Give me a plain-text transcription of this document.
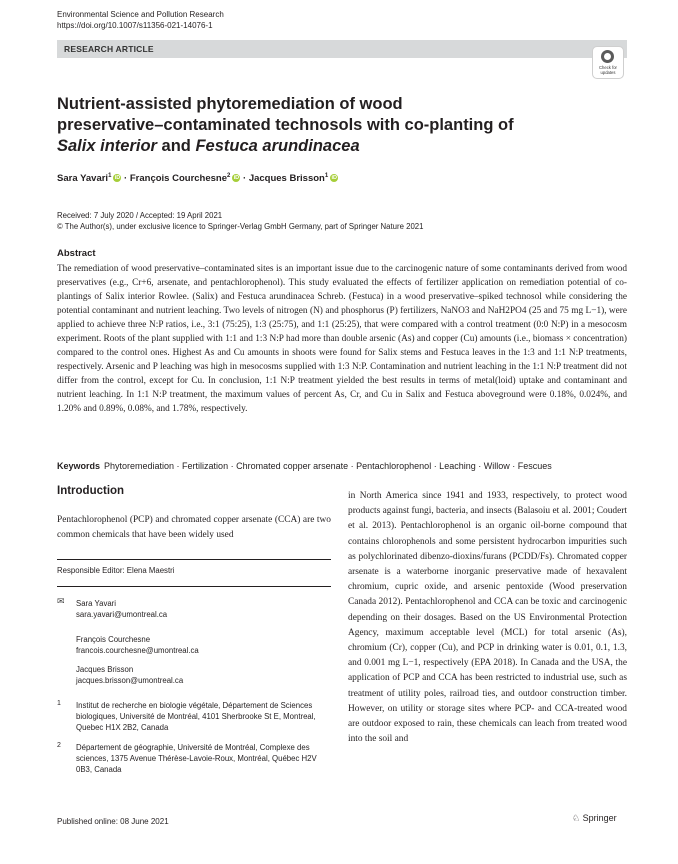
Environmental Science and Pollution Research
https://doi.org/10.1007/s11356-021-14076-1
RESEARCH ARTICLE
Check for
updates
Nutrient-assisted phytoremediation of wood
preservative–contaminated technosols with co-planting of
Salix interior and Festuca arundinacea
Sara Yavari$^1$ iD · François Courchesne$^2$ iD · Jacques Brisson$^1$ iD
Received: 7 July 2020 / Accepted: 19 April 2021
© The Author(s), under exclusive licence to Springer-Verlag GmbH Germany, part of Springer Nature 2021
Abstract
The remediation of wood preservative–contaminated sites is an important issue due to the carcinogenic nature of some contaminants derived from wood preservatives (e.g., Cr+6, arsenate, and pentachlorophenol). This study evaluated the effects of fertilizer application on remediation potential of co-plantings of Salix interior Rowlee. (Salix) and Festuca arundinacea Schreb. (Festuca) in a wood preservative–spiked technosol while considering the potential contaminant and nutrient leaching. Two levels of nitrogen (N) and phosphorus (P) fertilizers, NaNO3 and NaH2PO4 (25 and 75 mg L−1), were applied to achieve three N:P ratios, i.e., 3:1 (75:25), 1:3 (25:75), and 1:1 (25:25), that were compared with a control treatment (0:0 N:P) in a mesocosm experiment. Roots of the plant supplied with 1:1 and 1:3 N:P had more than double arsenic (As) and copper (Cu) amounts (i.e., biomass × concentration) compared to the control ones. Highest As and Cu amounts in shoots were found for Salix stems and Festuca leaves in the 1:3 and 1:1 N:P treatments, respectively. Arsenic and P leaching was high in mesocosms supplied with 1:3 N:P. Contamination and nutrient leaching in the 1:1 N:P treatment did not differ from the control, except for Cu. In conclusion, 1:1 N:P treatment yielded the best results in terms of metal(loid) uptake and contaminant and nutrient leaching. In 1:1 N:P treatment, the maximum values of percent As, Cr, and Cu in Salix and Festuca aboveground were 0.18%, 0.024%, and 1.20% and 0.89%, 0.08%, and 1.78%, respectively.
Keywords Phytoremediation · Fertilization · Chromated copper arsenate · Pentachlorophenol · Leaching · Willow · Fescues
Introduction
Pentachlorophenol (PCP) and chromated copper arsenate (CCA) are two common chemicals that have been widely used
Responsible Editor: Elena Maestri
✉ Sara Yavari
sara.yavari@umontreal.ca
François Courchesne
francois.courchesne@umontreal.ca
Jacques Brisson
jacques.brisson@umontreal.ca
1 Institut de recherche en biologie végétale, Département de Sciences biologiques, Université de Montréal, 4101 Sherbrooke St E, Montreal, Quebec H1X 2B2, Canada
2 Département de géographie, Université de Montréal, Complexe des sciences, 1375 Avenue Thérèse-Lavoie-Roux, Montréal, Québec H2V 0B3, Canada
in North America since 1941 and 1933, respectively, to protect wood products against fungi, bacteria, and insects (Balasoiu et al. 2001; Coudert et al. 2013). Pentachlorophenol is an organic oil-borne compound that contains chlorophenols and some persistent hydrocarbon impurities such as polychlorinated dibenzo-dioxins/furans (PCDD/Fs). Chromated copper arsenate is a waterborne inorganic preservative made of hexavalent chromium, cupric oxide, and arsenic pentoxide (Wood preservation Canada 2012). Pentachlorophenol and CCA can be toxic and carcinogenic depending on their dosages. Based on the US Environmental Protection Agency, maximum acceptable level (MCL) for total arsenic (As), chromium (Cr), copper (Cu), and PCP in drinking water is 0.01, 0.1, 1.3, and 0.001 mg L−1, respectively (EPA 2018). In Canada and the USA, the application of PCP and CCA has been restricted to industrial use, such as treatment of utility poles, railroad ties, and outdoor construction timber. However, on utility or storage sites where PCP- and CCA-treated wood are outdoor exposed to rain, these chemicals can leach from treated wood into the soil and
Published online: 08 June 2021	♘ Springer
